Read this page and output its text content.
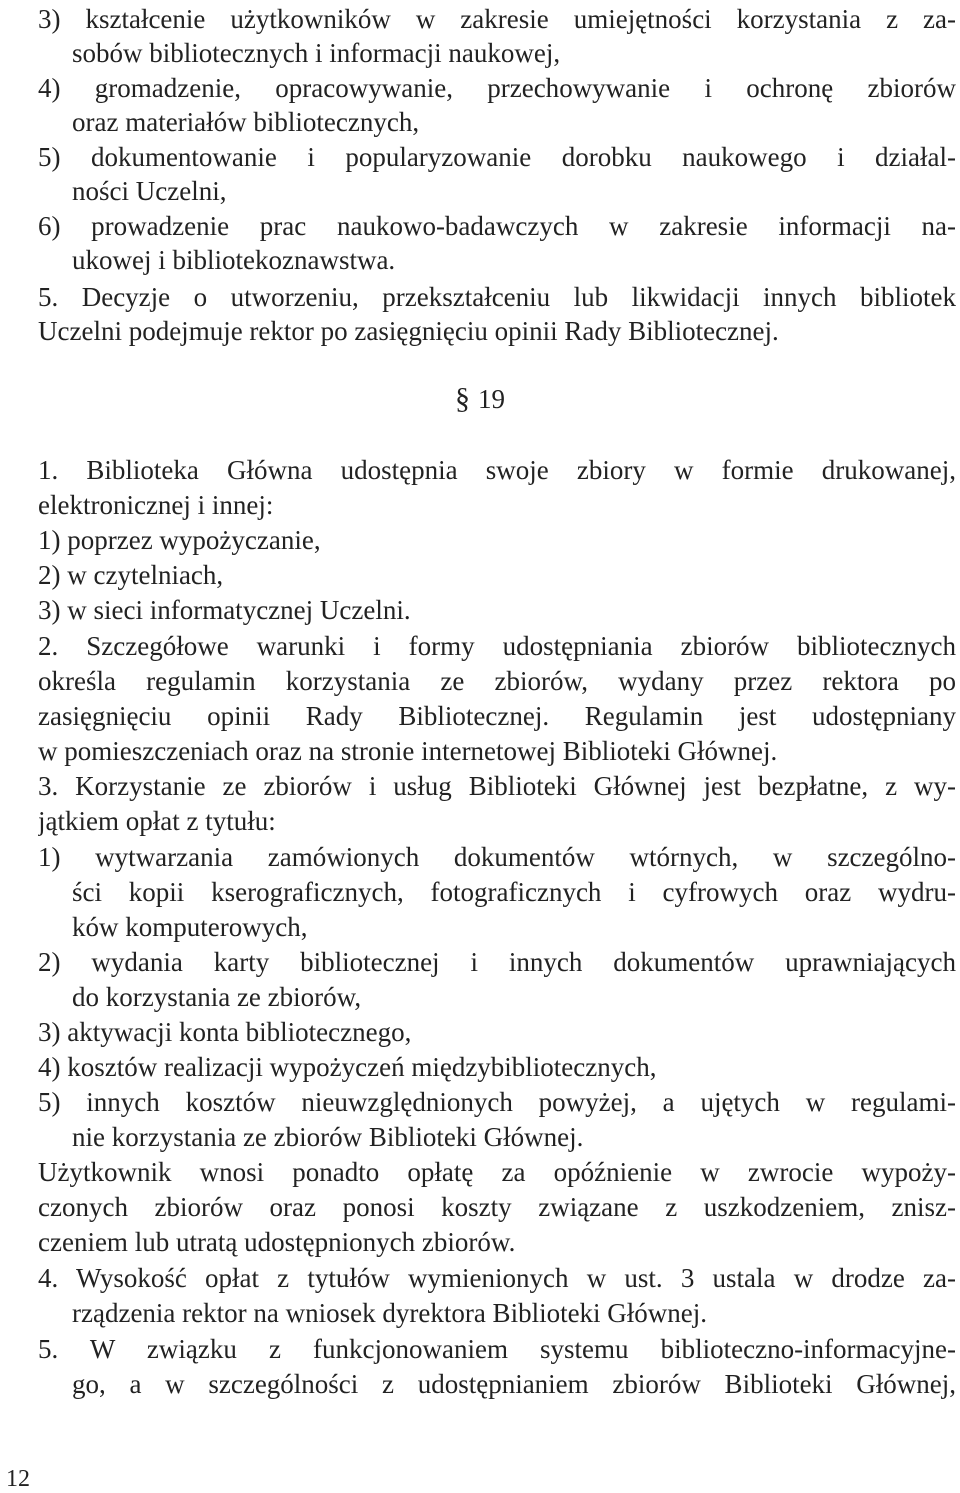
3) kształcenie użytkowników w zakresie umiejętności korzystania z za-
sobów bibliotecznych i informacji naukowej,
4) gromadzenie, opracowywanie, przechowywanie i ochronę zbiorów
oraz materiałów bibliotecznych,
5) dokumentowanie i popularyzowanie dorobku naukowego i działal-
ności Uczelni,
6) prowadzenie prac naukowo-badawczych w zakresie informacji na-
ukowej i bibliotekoznawstwa.
5. Decyzje o utworzeniu, przekształceniu lub likwidacji innych bibliotek
Uczelni podejmuje rektor po zasięgnięciu opinii Rady Bibliotecznej.
1. Biblioteka Główna udostępnia swoje zbiory w formie drukowanej,
elektronicznej i innej:
1) poprzez wypożyczanie,
2) w czytelniach,
3) w sieci informatycznej Uczelni.
2. Szczegółowe warunki i formy udostępniania zbiorów bibliotecznych
określa regulamin korzystania ze zbiorów, wydany przez rektora po
zasięgnięciu opinii Rady Bibliotecznej. Regulamin jest udostępniany
w pomieszczeniach oraz na stronie internetowej Biblioteki Głównej.
3. Korzystanie ze zbiorów i usług Biblioteki Głównej jest bezpłatne, z wy-
jątkiem opłat z tytułu:
1) wytwarzania zamówionych dokumentów wtórnych, w szczególno-
ści kopii kserograficznych, fotograficznych i cyfrowych oraz wydru-
ków komputerowych,
2) wydania karty bibliotecznej i innych dokumentów uprawniających
do korzystania ze zbiorów,
3) aktywacji konta bibliotecznego,
4) kosztów realizacji wypożyczeń międzybibliotecznych,
5) innych kosztów nieuwzględnionych powyżej, a ujętych w regulami-
nie korzystania ze zbiorów Biblioteki Głównej.
Użytkownik wnosi ponadto opłatę za opóźnienie w zwrocie wypoży-
czonych zbiorów oraz ponosi koszty związane z uszkodzeniem, znisz-
czeniem lub utratą udostępnionych zbiorów.
4. Wysokość opłat z tytułów wymienionych w ust. 3 ustala w drodze za-
rządzenia rektor na wniosek dyrektora Biblioteki Głównej.
5. W związku z funkcjonowaniem systemu biblioteczno-informacyjne-
go, a w szczególności z udostępnianiem zbiorów Biblioteki Głównej,
§ 19
12
